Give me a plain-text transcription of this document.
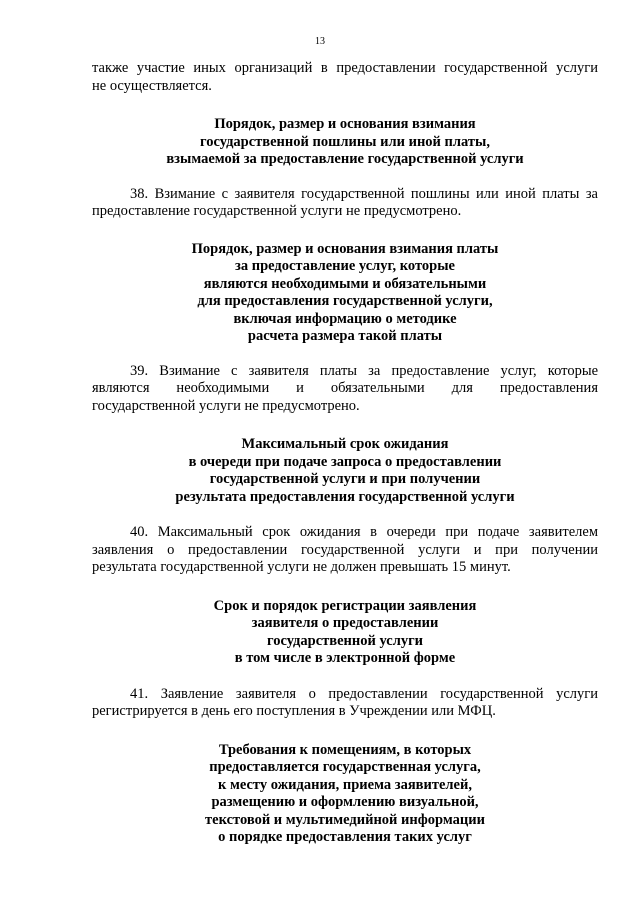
13
также участие иных организаций в предоставлении государственной услуги
не осуществляется.
Порядок, размер и основания взимания
государственной пошлины или иной платы,
взымаемой за предоставление государственной услуги
38. Взимание с заявителя государственной пошлины или иной платы за
предоставление государственной услуги не предусмотрено.
Порядок, размер и основания взимания платы
за предоставление услуг, которые
являются необходимыми и обязательными
для предоставления государственной услуги,
включая информацию о методике
расчета размера такой платы
39. Взимание с заявителя платы за предоставление услуг, которые
являются необходимыми и обязательными для предоставления
государственной услуги не предусмотрено.
Максимальный срок ожидания
в очереди при подаче запроса о предоставлении
государственной услуги и при получении
результата предоставления государственной услуги
40. Максимальный срок ожидания в очереди при подаче заявителем
заявления о предоставлении государственной услуги и при получении
результата государственной услуги не должен превышать 15 минут.
Срок и порядок регистрации заявления
заявителя о предоставлении
государственной услуги
в том числе в электронной форме
41. Заявление заявителя о предоставлении государственной услуги
регистрируется в день его поступления в Учреждении или МФЦ.
Требования к помещениям, в которых
предоставляется государственная услуга,
к месту ожидания, приема заявителей,
размещению и оформлению визуальной,
текстовой и мультимедийной информации
о порядке предоставления таких услуг
